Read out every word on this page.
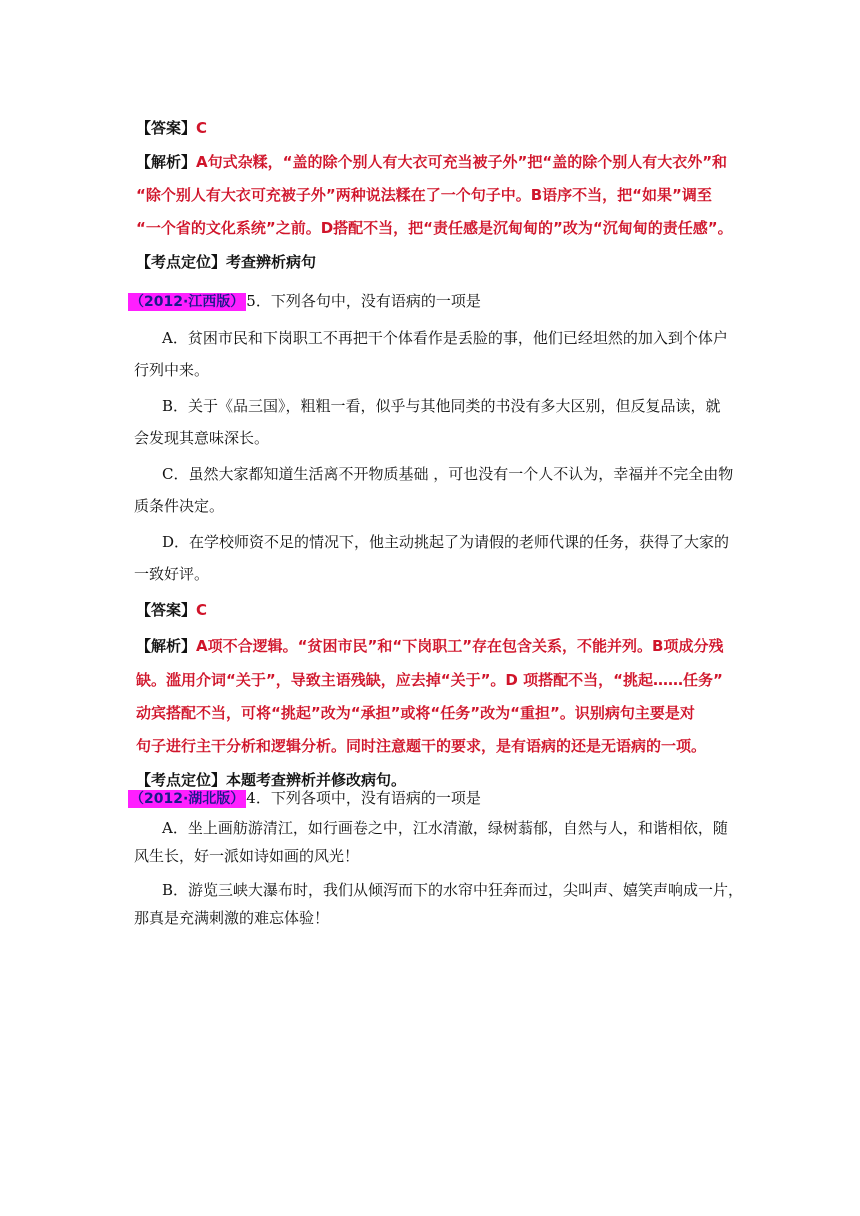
【答案】C
【解析】A句式杂糅，“盖的除个别人有大衣可充当被子外”把“盖的除个别人有大衣外”和
“除个别人有大衣可充被子外”两种说法糅在了一个句子中。B语序不当，把“如果”调至
“一个省的文化系统”之前。D搭配不当，把“责任感是沉甸甸的”改为“沉甸甸的责任感”。
【考点定位】考查辨析病句
（2012·江西版） 5．下列各句中，没有语病的一项是
A．贫困市民和下岗职工不再把干个体看作是丢脸的事，他们已经坦然的加入到个体户
行列中来。
B．关于《品三国》，粗粗一看，似乎与其他同类的书没有多大区别，但反复品读，就
会发现其意味深长。
C．虽然大家都知道生活离不开物质基础 ，可也没有一个人不认为，幸福并不完全由物
质条件决定。
D．在学校师资不足的情况下，他主动挑起了为请假的老师代课的任务，获得了大家的
一致好评。
【答案】C
【解析】A项不合逻辑。“贫困市民”和“下岗职工”存在包含关系，不能并列。B项成分残
缺。滥用介词“关于”，导致主语残缺，应去掉“关于”。D 项搭配不当，“挑起……任务”
动宾搭配不当，可将“挑起”改为“承担”或将“任务”改为“重担”。识别病句主要是对
句子进行主干分析和逻辑分析。同时注意题干的要求，是有语病的还是无语病的一项。
【考点定位】本题考查辨析并修改病句。
（2012·湖北版） 4．下列各项中，没有语病的一项是
A．坐上画舫游清江，如行画卷之中，江水清澈，绿树蓊郁，自然与人，和谐相依，随
风生长，好一派如诗如画的风光！
B．游览三峡大瀑布时，我们从倾泻而下的水帘中狂奔而过，尖叫声、嬉笑声响成一片，
那真是充满刺激的难忘体验！
